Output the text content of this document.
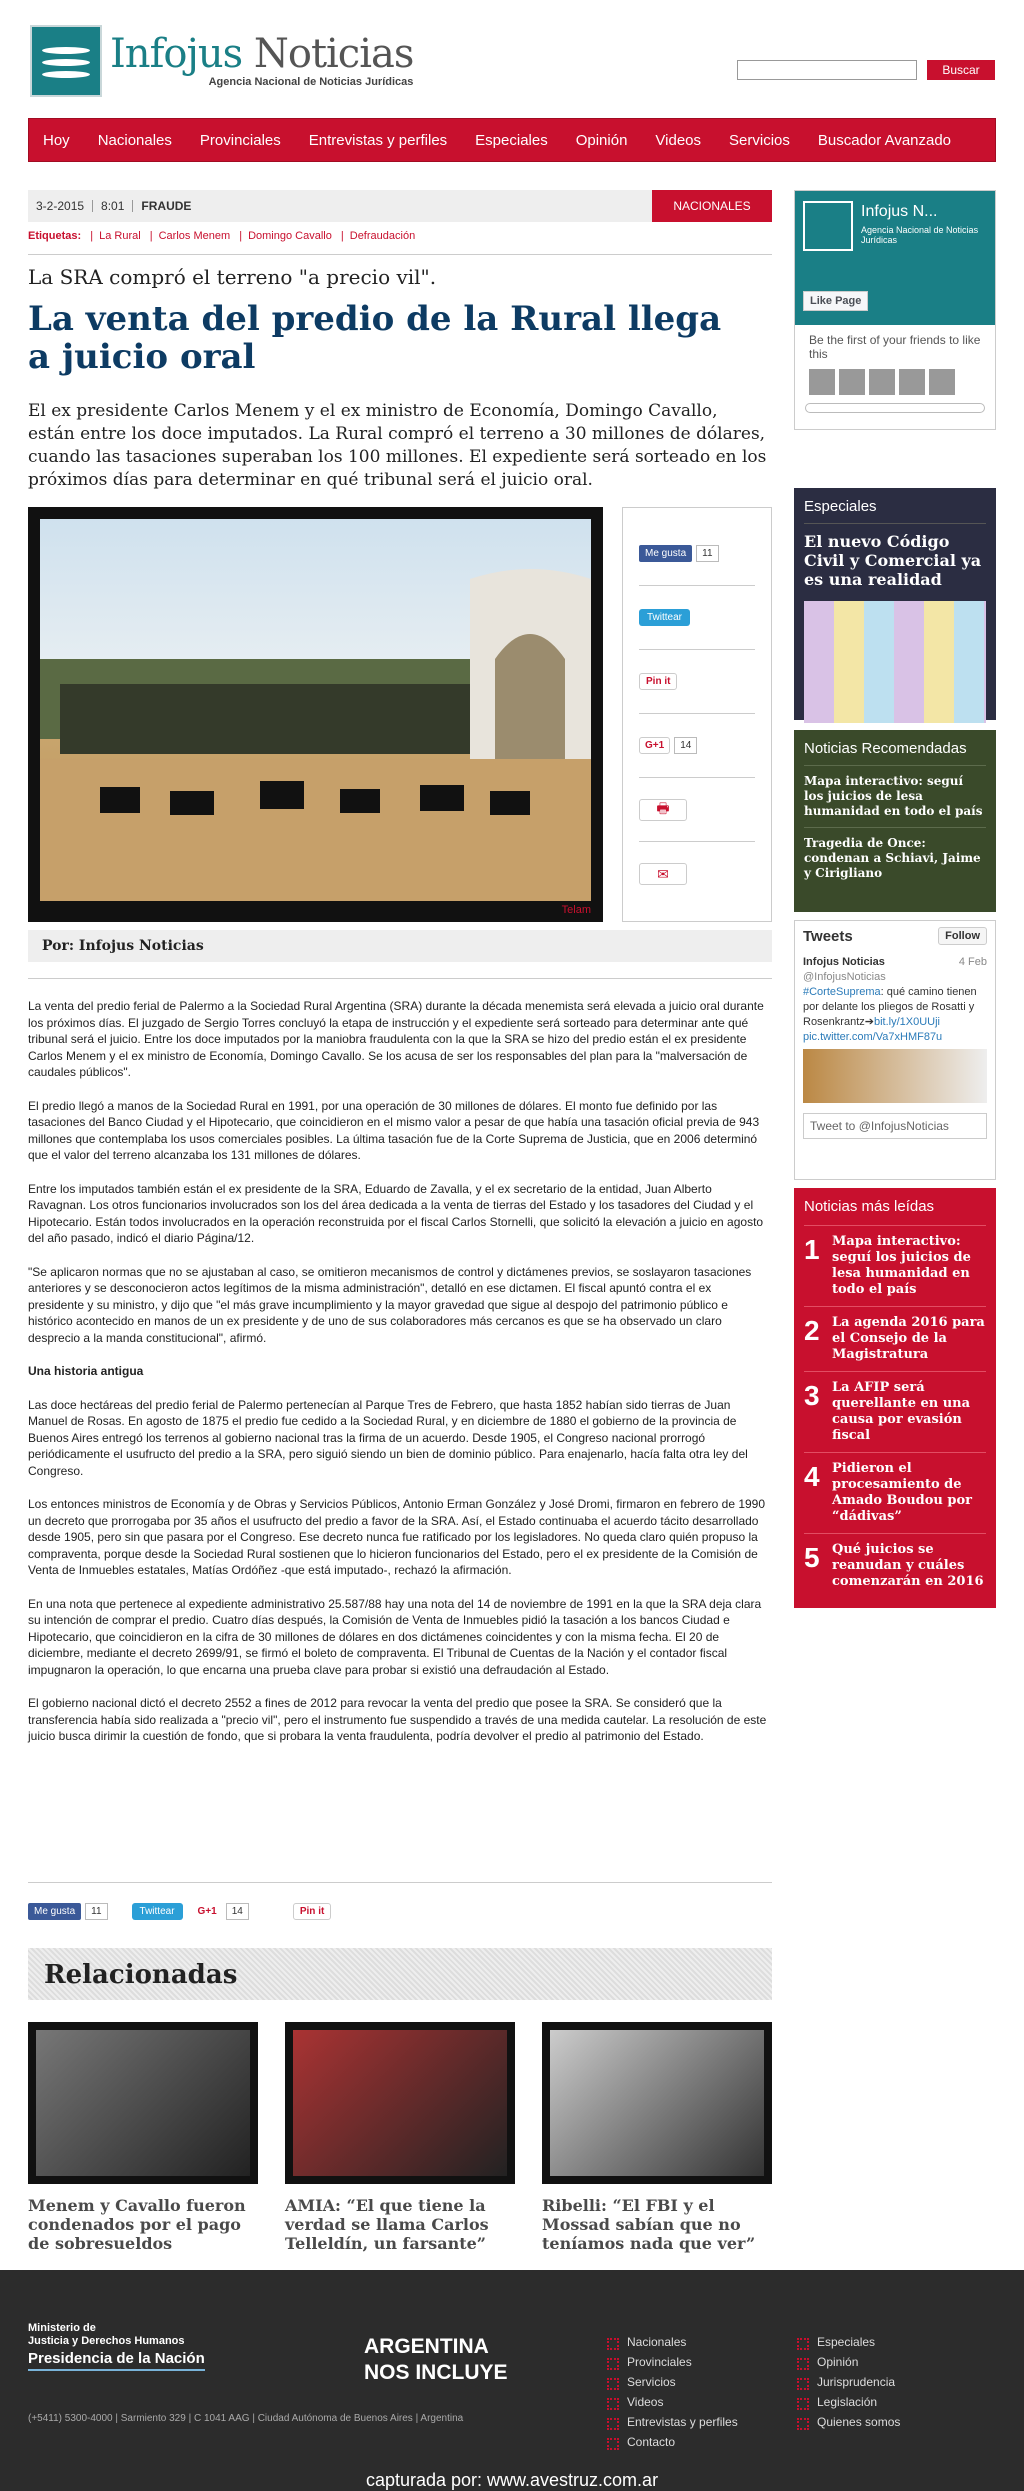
Infojus Noticias
Agencia Nacional de Noticias Jurídicas
Buscar
Hoy	Nacionales	Provinciales	Entrevistas y perfiles	Especiales	Opinión	Videos	Servicios	Buscador Avanzado
3-2-2015	8:01	FRAUDE	NACIONALES
Etiquetas: | La Rural | Carlos Menem | Domingo Cavallo | Defraudación
La SRA compró el terreno "a precio vil".
La venta del predio de la Rural llega a juicio oral
El ex presidente Carlos Menem y el ex ministro de Economía, Domingo Cavallo, están entre los doce imputados. La Rural compró el terreno a 30 millones de dólares, cuando las tasaciones superaban los 100 millones. El expediente será sorteado en los próximos días para determinar en qué tribunal será el juicio oral.
Telam
Me gusta	11
Twittear
Pin it
G+1	14
🖶
✉
Por: Infojus Noticias

La venta del predio ferial de Palermo a la Sociedad Rural Argentina (SRA) durante la década menemista será elevada a juicio oral durante los próximos días. El juzgado de Sergio Torres concluyó la etapa de instrucción y el expediente será sorteado para determinar ante qué tribunal será el juicio. Entre los doce imputados por la maniobra fraudulenta con la que la SRA se hizo del predio están el ex presidente Carlos Menem y el ex ministro de Economía, Domingo Cavallo. Se los acusa de ser los responsables del plan para la "malversación de caudales públicos".

El predio llegó a manos de la Sociedad Rural en 1991, por una operación de 30 millones de dólares. El monto fue definido por las tasaciones del Banco Ciudad y el Hipotecario, que coincidieron en el mismo valor a pesar de que había una tasación oficial previa de 943 millones que contemplaba los usos comerciales posibles. La última tasación fue de la Corte Suprema de Justicia, que en 2006 determinó que el valor del terreno alcanzaba los 131 millones de dólares.

Entre los imputados también están el ex presidente de la SRA, Eduardo de Zavalla, y el ex secretario de la entidad, Juan Alberto Ravagnan. Los otros funcionarios involucrados son los del área dedicada a la venta de tierras del Estado y los tasadores del Ciudad y el Hipotecario. Están todos involucrados en la operación reconstruida por el fiscal Carlos Stornelli, que solicitó la elevación a juicio en agosto del año pasado, indicó el diario Página/12.

"Se aplicaron normas que no se ajustaban al caso, se omitieron mecanismos de control y dictámenes previos, se soslayaron tasaciones anteriores y se desconocieron actos legítimos de la misma administración", detalló en ese dictamen. El fiscal apuntó contra el ex presidente y su ministro, y dijo que "el más grave incumplimiento y la mayor gravedad que sigue al despojo del patrimonio público e histórico acontecido en manos de un ex presidente y de uno de sus colaboradores más cercanos es que se ha observado un claro desprecio a la manda constitucional", afirmó.

Una historia antigua

Las doce hectáreas del predio ferial de Palermo pertenecían al Parque Tres de Febrero, que hasta 1852 habían sido tierras de Juan Manuel de Rosas. En agosto de 1875 el predio fue cedido a la Sociedad Rural, y en diciembre de 1880 el gobierno de la provincia de Buenos Aires entregó los terrenos al gobierno nacional tras la firma de un acuerdo. Desde 1905, el Congreso nacional prorrogó periódicamente el usufructo del predio a la SRA, pero siguió siendo un bien de dominio público. Para enajenarlo, hacía falta otra ley del Congreso.

Los entonces ministros de Economía y de Obras y Servicios Públicos, Antonio Erman González y José Dromi, firmaron en febrero de 1990 un decreto que prorrogaba por 35 años el usufructo del predio a favor de la SRA. Así, el Estado continuaba el acuerdo tácito desarrollado desde 1905, pero sin que pasara por el Congreso. Ese decreto nunca fue ratificado por los legisladores. No queda claro quién propuso la compraventa, porque desde la Sociedad Rural sostienen que lo hicieron funcionarios del Estado, pero el ex presidente de la Comisión de Venta de Inmuebles estatales, Matías Ordóñez -que está imputado-, rechazó la afirmación.

En una nota que pertenece al expediente administrativo 25.587/88 hay una nota del 14 de noviembre de 1991 en la que la SRA deja clara su intención de comprar el predio. Cuatro días después, la Comisión de Venta de Inmuebles pidió la tasación a los bancos Ciudad e Hipotecario, que coincidieron en la cifra de 30 millones de dólares en dos dictámenes coincidentes y con la misma fecha. El 20 de diciembre, mediante el decreto 2699/91, se firmó el boleto de compraventa. El Tribunal de Cuentas de la Nación y el contador fiscal impugnaron la operación, lo que encarna una prueba clave para probar si existió una defraudación al Estado.

El gobierno nacional dictó el decreto 2552 a fines de 2012 para revocar la venta del predio que posee la SRA. Se consideró que la transferencia había sido realizada a "precio vil", pero el instrumento fue suspendido a través de una medida cautelar. La resolución de este juicio busca dirimir la cuestión de fondo, que si probara la venta fraudulenta, podría devolver el predio al patrimonio del Estado.

Me gusta	11	Twittear	G+1	14	Pin it
Relacionadas
Menem y Cavallo fueron condenados por el pago de sobresueldos
AMIA: “El que tiene la verdad se llama Carlos Telleldín, un farsante”
Ribelli: “El FBI y el Mossad sabían que no teníamos nada que ver”
Infojus N...
Agencia Nacional de Noticias Jurídicas
Like Page
Be the first of your friends to like this
Especiales
El nuevo Código Civil y Comercial ya es una realidad
Noticias Recomendadas
Mapa interactivo: seguí los juicios de lesa humanidad en todo el país
Tragedia de Once: condenan a Schiavi, Jaime y Cirigliano
Tweets	Follow
Infojus Noticias	4 Feb
@InfojusNoticias
#CorteSuprema: qué camino tienen por delante los pliegos de Rosatti y Rosenkrantz➔bit.ly/1X0UUji
pic.twitter.com/Va7xHMF87u
Tweet to @InfojusNoticias
Noticias más leídas
1 Mapa interactivo: seguí los juicios de lesa humanidad en todo el país
2 La agenda 2016 para el Consejo de la Magistratura
3 La AFIP será querellante en una causa por evasión fiscal
4 Pidieron el procesamiento de Amado Boudou por “dádivas”
5 Qué juicios se reanudan y cuáles comenzarán en 2016
Ministerio de
Justicia y Derechos Humanos
Presidencia de la Nación
(+5411) 5300-4000 | Sarmiento 329 | C 1041 AAG | Ciudad Autónoma de Buenos Aires | Argentina
ARGENTINA
NOS INCLUYE
Nacionales
Provinciales
Servicios
Videos
Entrevistas y perfiles
Contacto
Especiales
Opinión
Jurisprudencia
Legislación
Quienes somos
capturada por: www.avestruz.com.ar
